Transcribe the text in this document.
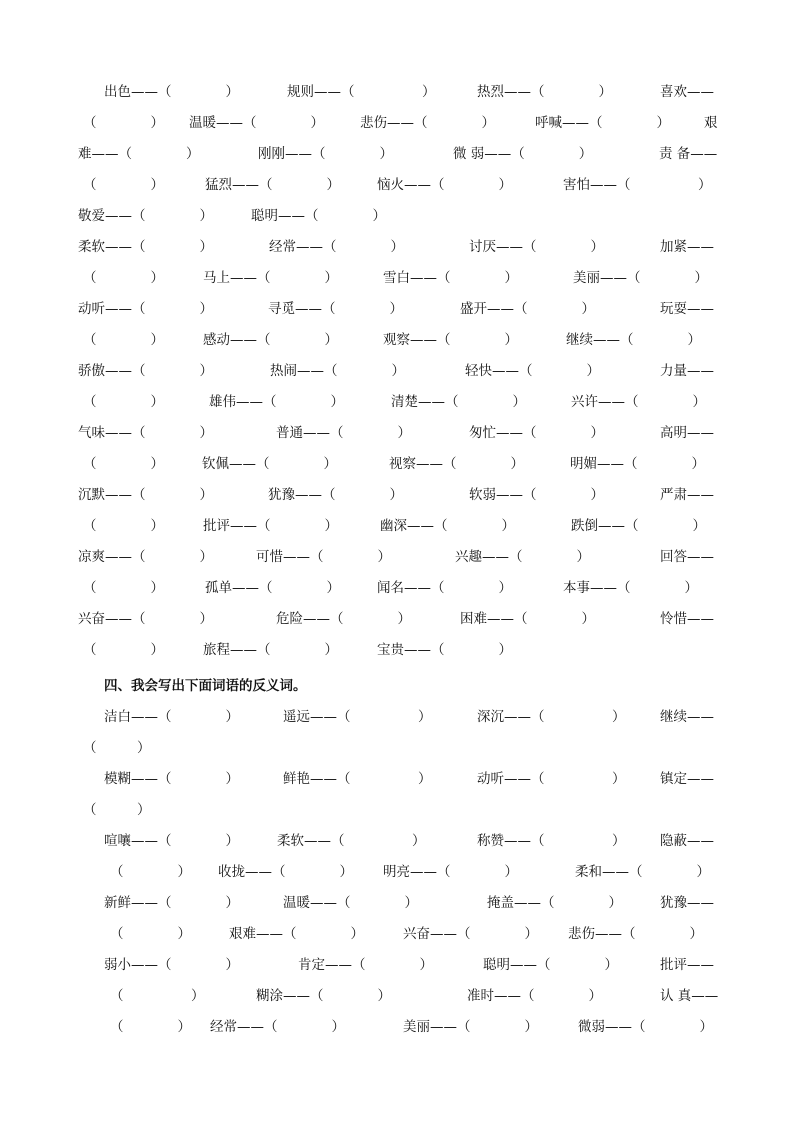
出色——（　　　　）	规则——（　　　　　）	热烈——（　　　　）	喜欢——
（　　　　） 温暖——（　　　　）	悲伤——（　　　　）	呼喊——（　　　　）	艰
难——（　　　　）	刚刚——（　　　　）	微 弱——（　　　　）	责 备——
（　　　　）	猛烈——（　　　　）	恼火——（　　　　）	害怕——（　　　　　）
敬爱——（　　　　）	聪明——（　　　　）
柔软——（　　　　）	经常——（　　　　）	讨厌——（　　　　）	加紧——
（　　　　）	马上——（　　　　）	雪白——（　　　　）	美丽——（　　　　）
动听——（　　　　）	寻觅——（　　　　）	盛开——（　　　　）	玩耍——
（　　　　）	感动——（　　　　）	观察——（　　　　）	继续——（　　　　）
骄傲——（　　　　）	热闹——（　　　　）	轻快——（　　　　）	力量——
（　　　　）	雄伟——（　　　　）	清楚——（　　　　）	兴许——（　　　　）
气味——（　　　　）	普通——（　　　　）	匆忙——（　　　　）	高明——
（　　　　）	钦佩——（　　　　）	视察——（　　　　）	明媚——（　　　　）
沉默——（　　　　）	犹豫——（　　　　）	软弱——（　　　　）	严肃——
（　　　　）	批评——（　　　　）	幽深——（　　　　）	跌倒——（　　　　）
凉爽——（　　　　）	可惜——（　　　　）	兴趣——（　　　　）	回答——
（　　　　）	孤单——（　　　　）	闻名——（　　　　）	本事——（　　　　）
兴奋——（　　　　）	危险——（　　　　）	困难——（　　　　）	怜惜——
（　　　　）	旅程——（　　　　）	宝贵——（　　　　）
四、我会写出下面词语的反义词。
洁白——（　　　　）	遥远——（　　　　　）	深沉——（　　　　　）	继续——
（　　　）
模糊——（　　　　）	鲜艳——（　　　　　）	动听——（　　　　　）	镇定——
（　　　）
喧嚷——（　　　　）	柔软——（　　　　　）	称赞——（　　　　　）	隐蔽——
（　　　　） 收拢——（　　　　） 明亮——（　　　　）	柔和——（　　　　）
新鲜——（　　　　）	温暖——（　　　　）	掩盖——（　　　　）	犹豫——
（　　　　）	艰难——（　　　　）	兴奋——（　　　　） 悲伤——（　　　　）
弱小——（　　　　）	肯定——（　　　　）	聪明——（　　　　）	批评——
（　　　　　）	糊涂——（　　　　）	准时——（　　　　）	认 真——
（　　　　） 经常——（　　　　）	美丽——（　　　　）	微弱——（　　　　）
